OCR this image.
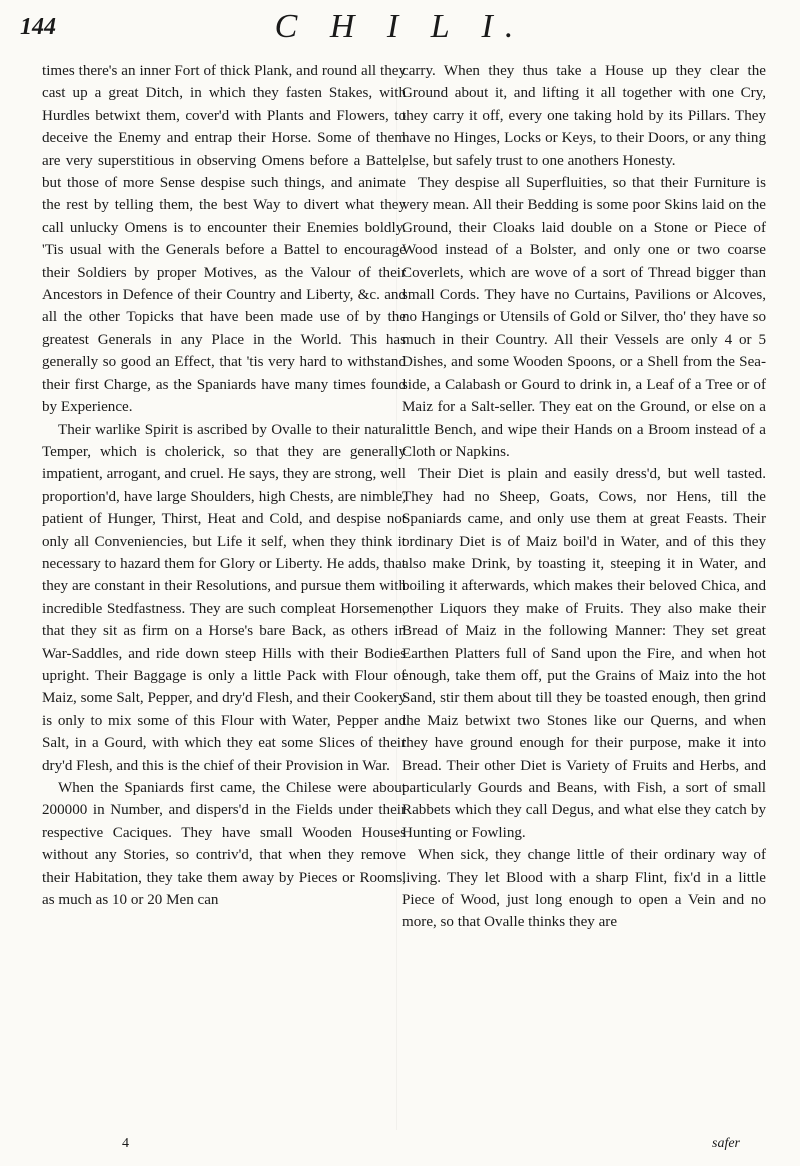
144	C H I L I.

times there's an inner Fort of thick Plank, and round all they cast up a great Ditch, in which they fasten Stakes, with Hurdles betwixt them, cover'd with Plants and Flowers, to deceive the Enemy and entrap their Horse. Some of them are very superstitious in observing Omens before a Battel; but those of more Sense despise such things, and animate the rest by telling them, the best Way to divert what they call unlucky Omens is to encounter their Enemies boldly. 'Tis usual with the Generals before a Battel to encourage their Soldiers by proper Motives, as the Valour of their Ancestors in Defence of their Country and Liberty, &c. and all the other Topicks that have been made use of by the greatest Generals in any Place in the World. This has generally so good an Effect, that 'tis very hard to withstand their first Charge, as the Spaniards have many times found by Experience.

Their warlike Spirit is ascribed by Ovalle to their natural Temper, which is cholerick, so that they are generally impatient, arrogant, and cruel. He says, they are strong, well proportion'd, have large Shoulders, high Chests, are nimble, patient of Hunger, Thirst, Heat and Cold, and despise not only all Conveniencies, but Life it self, when they think it necessary to hazard them for Glory or Liberty. He adds, that they are constant in their Resolutions, and pursue them with incredible Stedfastness. They are such compleat Horsemen, that they sit as firm on a Horse's bare Back, as others in War-Saddles, and ride down steep Hills with their Bodies upright. Their Baggage is only a little Pack with Flour of Maiz, some Salt, Pepper, and dry'd Flesh, and their Cookery is only to mix some of this Flour with Water, Pepper and Salt, in a Gourd, with which they eat some Slices of their dry'd Flesh, and this is the chief of their Provision in War.

When the Spaniards first came, the Chilese were about 200000 in Number, and dispers'd in the Fields under their respective Caciques. They have small Wooden Houses without any Stories, so contriv'd, that when they remove their Habitation, they take them away by Pieces or Rooms, as much as 10 or 20 Men can

carry. When they thus take a House up they clear the Ground about it, and lifting it all together with one Cry, they carry it off, every one taking hold by its Pillars. They have no Hinges, Locks or Keys, to their Doors, or any thing else, but safely trust to one anothers Honesty.

They despise all Superfluities, so that their Furniture is very mean. All their Bedding is some poor Skins laid on the Ground, their Cloaks laid double on a Stone or Piece of Wood instead of a Bolster, and only one or two coarse Coverlets, which are wove of a sort of Thread bigger than small Cords. They have no Curtains, Pavilions or Alcoves, no Hangings or Utensils of Gold or Silver, tho' they have so much in their Country. All their Vessels are only 4 or 5 Dishes, and some Wooden Spoons, or a Shell from the Sea-side, a Calabash or Gourd to drink in, a Leaf of a Tree or of Maiz for a Salt-seller. They eat on the Ground, or else on a little Bench, and wipe their Hands on a Broom instead of a Cloth or Napkins.

Their Diet is plain and easily dress'd, but well tasted. They had no Sheep, Goats, Cows, nor Hens, till the Spaniards came, and only use them at great Feasts. Their ordinary Diet is of Maiz boil'd in Water, and of this they also make Drink, by toasting it, steeping it in Water, and boiling it afterwards, which makes their beloved Chica, and other Liquors they make of Fruits. They also make their Bread of Maiz in the following Manner: They set great Earthen Platters full of Sand upon the Fire, and when hot enough, take them off, put the Grains of Maiz into the hot Sand, stir them about till they be toasted enough, then grind the Maiz betwixt two Stones like our Querns, and when they have ground enough for their purpose, make it into Bread. Their other Diet is Variety of Fruits and Herbs, and particularly Gourds and Beans, with Fish, a sort of small Rabbets which they call Degus, and what else they catch by Hunting or Fowling.

When sick, they change little of their ordinary way of living. They let Blood with a sharp Flint, fix'd in a little Piece of Wood, just long enough to open a Vein and no more, so that Ovalle thinks they are

4	safer
